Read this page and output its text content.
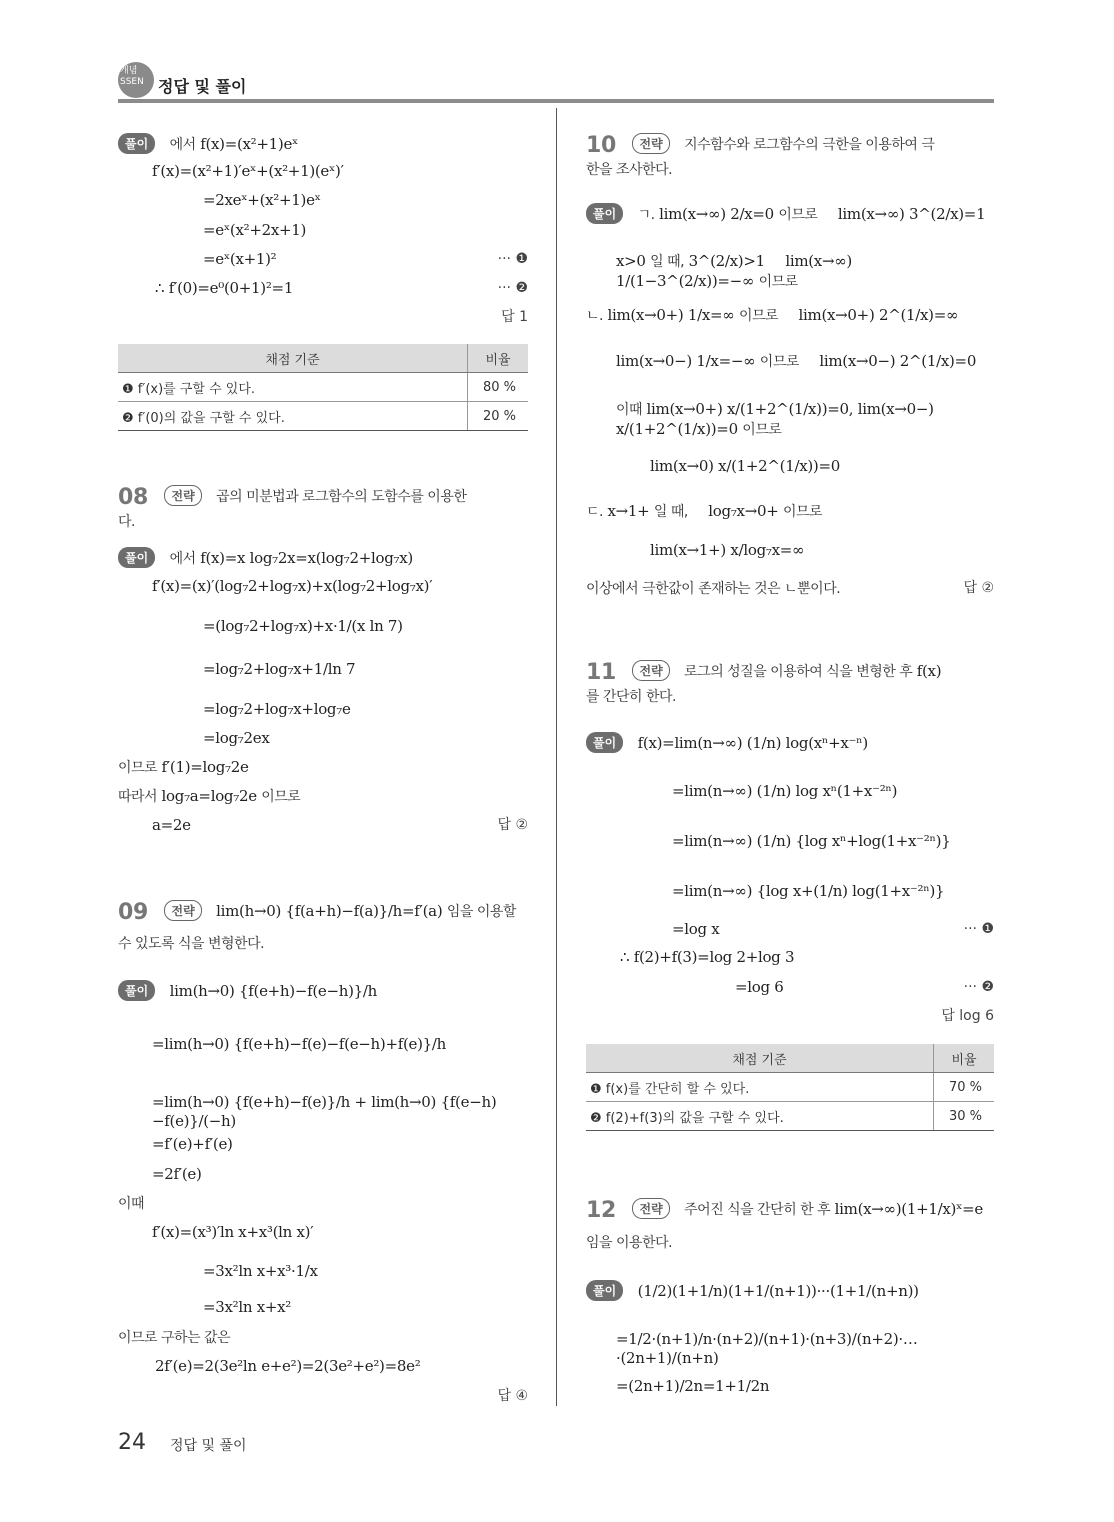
개념
SSEN 정답 및 풀이
풀이 에서 f(x)=(x²+1)eˣ
f′(x)=(x²+1)′eˣ+(x²+1)(eˣ)′
=2xeˣ+(x²+1)eˣ
=eˣ(x²+2x+1)
=eˣ(x+1)²	··· ❶
∴ f′(0)=e⁰(0+1)²=1	··· ❷
답 1
08 전략 곱의 미분법과 로그함수의 도함수를 이용한
다.
풀이 에서 f(x)=x log₇2x=x(log₇2+log₇x)
f′(x)=(x)′(log₇2+log₇x)+x(log₇2+log₇x)′
=(log₇2+log₇x)+x·1/(x ln 7)
=log₇2+log₇x+1/ln 7
=log₇2+log₇x+log₇e
=log₇2ex
이므로 f′(1)=log₇2e
따라서 log₇a=log₇2e 이므로
a=2e	답 ②
09 전략 lim(h→0) {f(a+h)−f(a)}/h=f′(a) 임을 이용할
수 있도록 식을 변형한다.
풀이 lim(h→0) {f(e+h)−f(e−h)}/h
=lim(h→0) {f(e+h)−f(e)−f(e−h)+f(e)}/h
=lim(h→0) {f(e+h)−f(e)}/h + lim(h→0) {f(e−h)−f(e)}/(−h)
=f′(e)+f′(e)
=2f′(e)
이때
f′(x)=(x³)′ln x+x³(ln x)′
=3x²ln x+x³·1/x
=3x²ln x+x²
이므로 구하는 값은
2f′(e)=2(3e²ln e+e²)=2(3e²+e²)=8e²
답 ④
10 전략 지수함수와 로그함수의 극한을 이용하여 극
한을 조사한다.
풀이 ㄱ. lim(x→∞) 2/x=0 이므로 lim(x→∞) 3^(2/x)=1
x>0 일 때, 3^(2/x)>1 lim(x→∞) 1/(1−3^(2/x))=−∞ 이므로
ㄴ. lim(x→0+) 1/x=∞ 이므로 lim(x→0+) 2^(1/x)=∞
lim(x→0−) 1/x=−∞ 이므로 lim(x→0−) 2^(1/x)=0
이때 lim(x→0+) x/(1+2^(1/x))=0, lim(x→0−) x/(1+2^(1/x))=0 이므로
lim(x→0) x/(1+2^(1/x))=0
ㄷ. x→1+ 일 때, log₇x→0+ 이므로
lim(x→1+) x/log₇x=∞
이상에서 극한값이 존재하는 것은 ㄴ뿐이다.	답 ②
11 전략 로그의 성질을 이용하여 식을 변형한 후 f(x)
를 간단히 한다.
풀이 f(x)=lim(n→∞) (1/n) log(xⁿ+x⁻ⁿ)
=lim(n→∞) (1/n) log xⁿ(1+x⁻²ⁿ)
=lim(n→∞) (1/n) {log xⁿ+log(1+x⁻²ⁿ)}
=lim(n→∞) {log x+(1/n) log(1+x⁻²ⁿ)}
=log x	··· ❶
∴ f(2)+f(3)=log 2+log 3
=log 6	··· ❷
답 log 6
12 전략 주어진 식을 간단히 한 후 lim(x→∞)(1+1/x)ˣ=e
임을 이용한다.
풀이 (1/2)(1+1/n)(1+1/(n+1))···(1+1/(n+n))
=1/2·(n+1)/n·(n+2)/(n+1)·(n+3)/(n+2)·…·(2n+1)/(n+n)
=(2n+1)/2n=1+1/2n
채점 기준	비율
❶ f′(x)를 구할 수 있다.	80 %
❷ f′(0)의 값을 구할 수 있다.	20 %
채점 기준	비율
❶ f(x)를 간단히 할 수 있다.	70 %
❷ f(2)+f(3)의 값을 구할 수 있다.	30 %
24 정답 및 풀이
